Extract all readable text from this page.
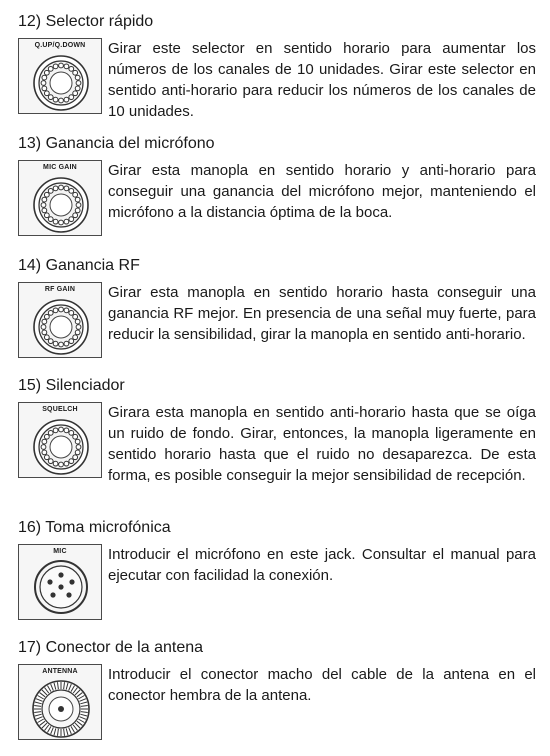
12) Selector rápido
Q.UP/Q.DOWN	Girar este selector en sentido horario para aumentar los números de los canales de 10 unidades. Girar este selector en sentido anti-horario para reducir los números de los canales de 10 unidades.
13) Ganancia del micrófono
MIC GAIN	Girar esta manopla en sentido horario y anti-horario para conseguir una ganancia del micrófono mejor, manteniendo el micrófono a la distancia óptima de la boca.
14) Ganancia RF
RF GAIN	Girar esta manopla en sentido horario hasta conseguir una ganancia RF mejor. En presencia de una señal muy fuerte, para reducir la sensibilidad, girar la manopla en sentido anti-horario.
15) Silenciador
SQUELCH	Girara esta manopla en sentido anti-horario hasta que se oíga un ruido de fondo. Girar, entonces, la manopla ligeramente en sentido horario hasta que el ruido no desaparezca. De esta forma, es posible conseguir la mejor sensibilidad de recepción.
16) Toma microfónica
MIC	Introducir el micrófono en este jack. Consultar el manual para ejecutar con facilidad la conexión.
17) Conector de la antena
ANTENNA	Introducir el conector macho del cable de la antena en el conector hembra de la antena.
